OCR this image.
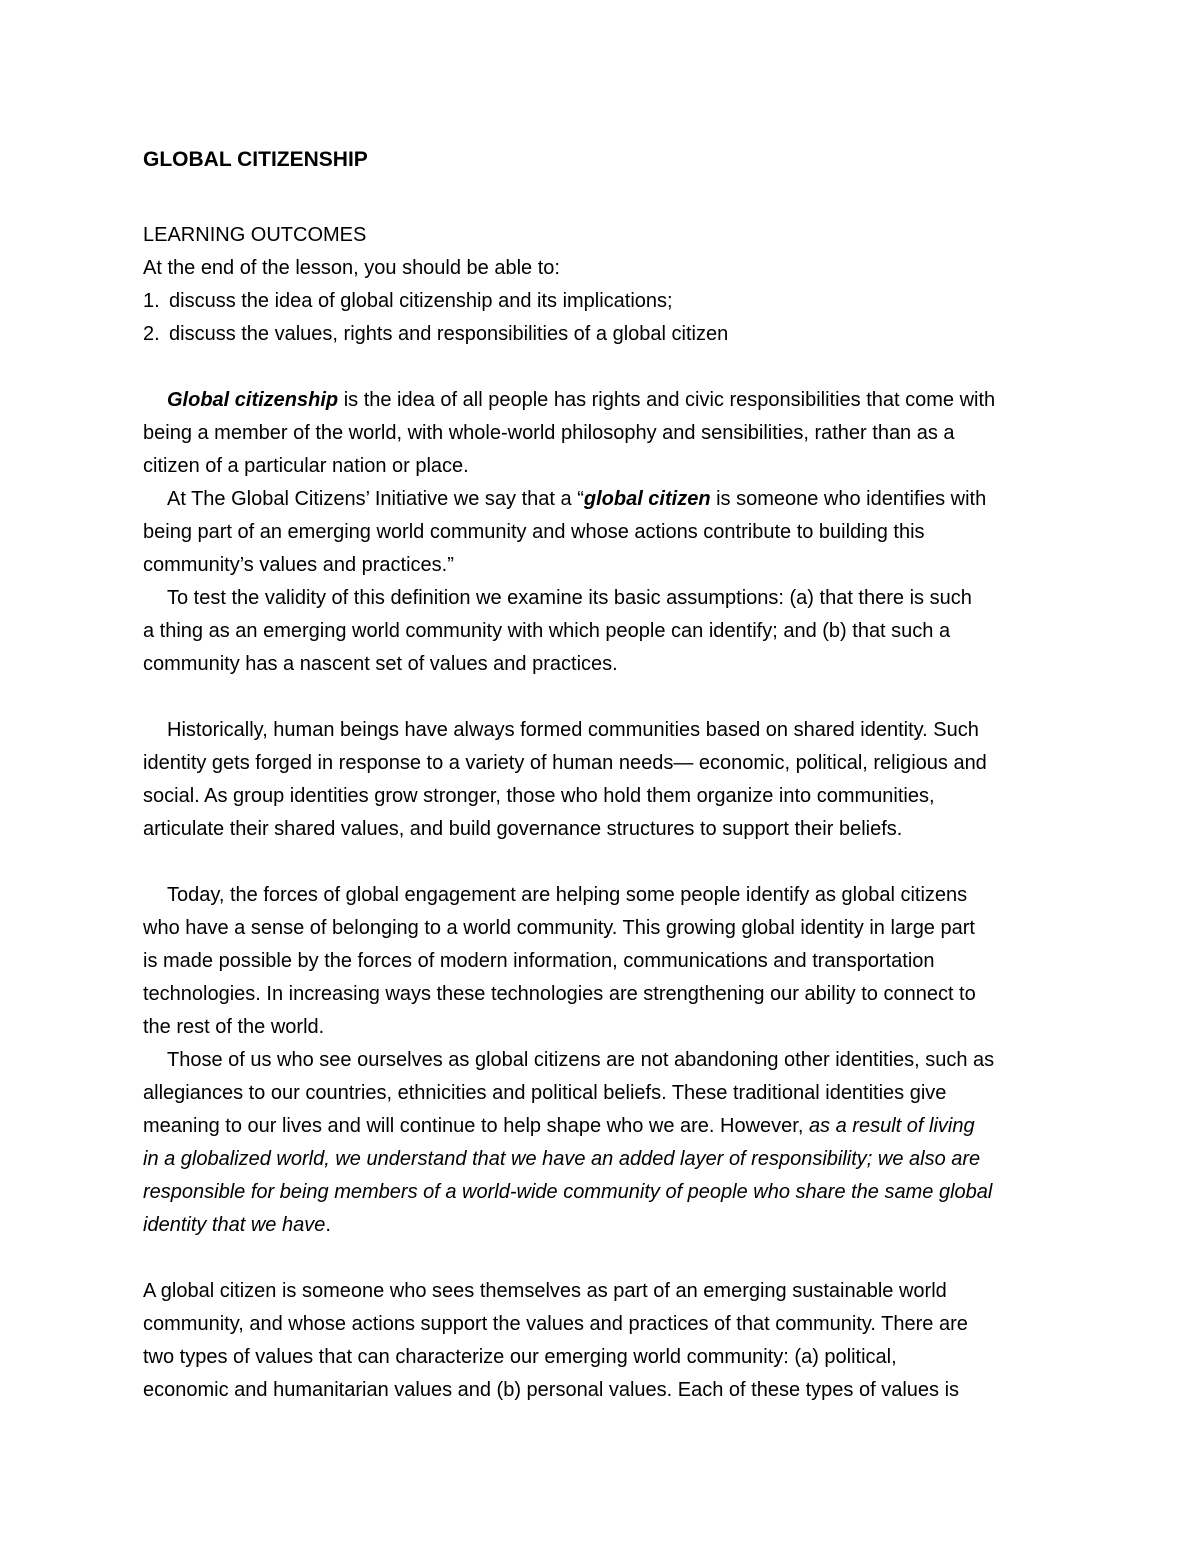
GLOBAL CITIZENSHIP
LEARNING OUTCOMES
At the end of the lesson, you should be able to:
1. discuss the idea of global citizenship and its implications;
2. discuss the values, rights and responsibilities of a global citizen
Global citizenship is the idea of all people has rights and civic responsibilities that come with
being a member of the world, with whole-world philosophy and sensibilities, rather than as a
citizen of a particular nation or place.
At The Global Citizens’ Initiative we say that a “global citizen is someone who identifies with
being part of an emerging world community and whose actions contribute to building this
community’s values and practices.”
To test the validity of this definition we examine its basic assumptions: (a) that there is such
a thing as an emerging world community with which people can identify; and (b) that such a
community has a nascent set of values and practices.
Historically, human beings have always formed communities based on shared identity. Such
identity gets forged in response to a variety of human needs— economic, political, religious and
social. As group identities grow stronger, those who hold them organize into communities,
articulate their shared values, and build governance structures to support their beliefs.
Today, the forces of global engagement are helping some people identify as global citizens
who have a sense of belonging to a world community. This growing global identity in large part
is made possible by the forces of modern information, communications and transportation
technologies. In increasing ways these technologies are strengthening our ability to connect to
the rest of the world.
Those of us who see ourselves as global citizens are not abandoning other identities, such as
allegiances to our countries, ethnicities and political beliefs. These traditional identities give
meaning to our lives and will continue to help shape who we are. However, as a result of living
in a globalized world, we understand that we have an added layer of responsibility; we also are
responsible for being members of a world-wide community of people who share the same global
identity that we have.
A global citizen is someone who sees themselves as part of an emerging sustainable world
community, and whose actions support the values and practices of that community. There are
two types of values that can characterize our emerging world community: (a) political,
economic and humanitarian values and (b) personal values. Each of these types of values is
